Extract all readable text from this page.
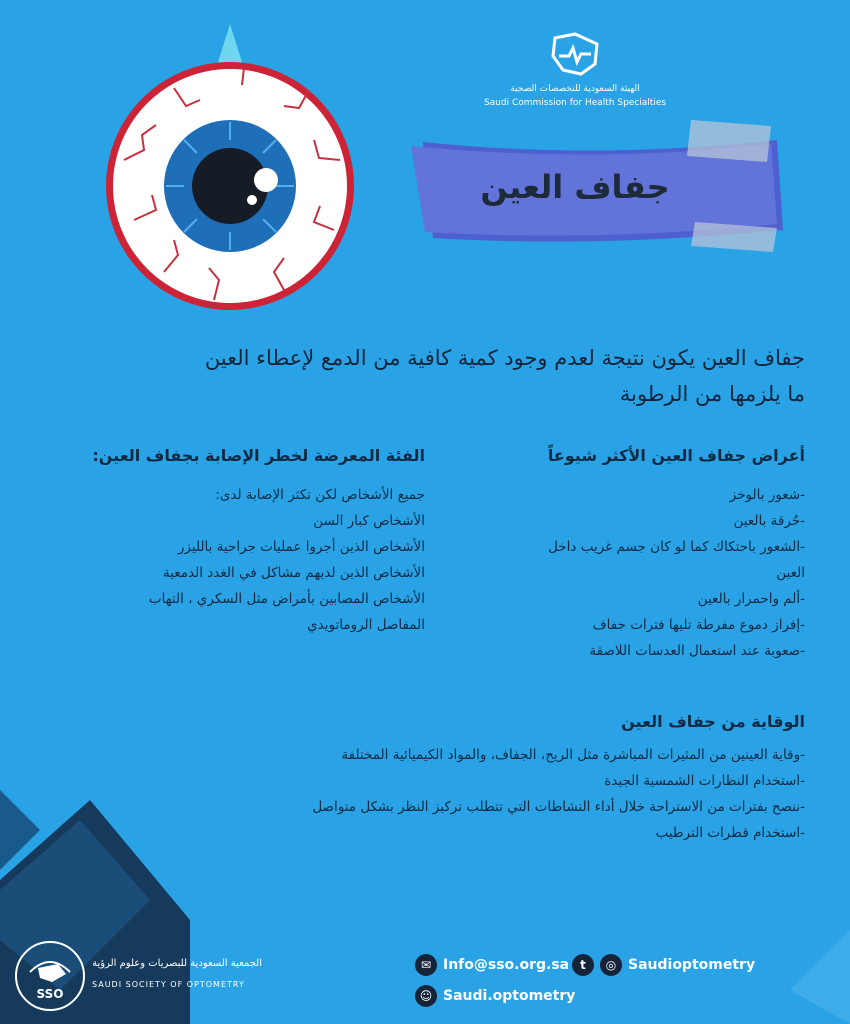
الهيئة السعودية للتخصصات الصحية
Saudi Commission for Health Specialties
جفاف العين
جفاف العين يكون نتيجة لعدم وجود كمية كافية من الدمع لإعطاء العين
ما يلزمها من الرطوبة
أعراض جفاف العين الأكثر شيوعاً
-شعور بالوخز
-حُرقة بالعين
-الشعور باحتكاك كما لو كان جسم غريب داخل
العين
-ألم واحمرار بالعين
-إفراز دموع مفرطة تليها فترات جفاف
-صعوبة عند استعمال العدسات اللاصقة
الفئة المعرضة لخطر الإصابة بجفاف العين:
جميع الأشخاص لكن تكثر الإصابة لدى:
الأشخاص كبار السن
الأشخاص الذين أجروا عمليات جراحية بالليزر
الأشخاص الذين لديهم مشاكل في الغدد الدمعية
الأشخاص المصابين بأمراض مثل السكري ، التهاب
المفاصل الروماتويدي
الوقاية من جفاف العين
-وقاية العينين من المثيرات المباشرة مثل الريح، الجفاف، والمواد الكيميائية المختلفة
-استخدام النظارات الشمسية الجيدة
-ننصح بفترات من الاستراحة خلال أداء النشاطات التي تتطلب تركيز النظر بشكل متواصل
-استخدام قطرات الترطيب
SSO
الجمعية السعودية للبصريات وعلوم الرؤية
SAUDI SOCIETY OF OPTOMETRY
✉ Info@sso.org.sa t	◎ Saudioptometry
☺ Saudi.optometry
